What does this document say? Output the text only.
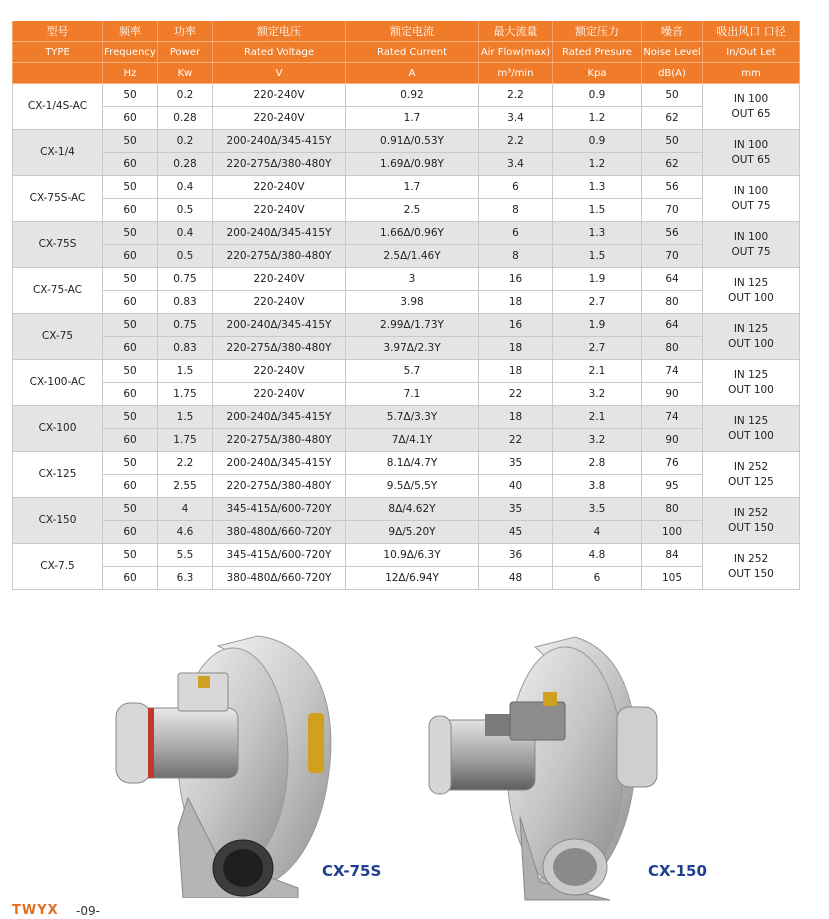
型号	频率	功率	额定电压	额定电流	最大流量	额定压力	噪音	吸出风口 口径
TYPE	Frequency	Power	Rated Voltage	Rated Current	Air Flow(max)	Rated Presure	Noise Level	In/Out Let
	Hz	Kw	V	A	m³/min	Kpa	dB(A)	mm
CX-1/4S-AC	50	0.2	220-240V	0.92	2.2	0.9	50	IN 100
OUT 65
	60	0.28	220-240V	1.7	3.4	1.2	62	
CX-1/4	50	0.2	200-240Δ/345-415Y	0.91Δ/0.53Y	2.2	0.9	50	IN 100
OUT 65
	60	0.28	220-275Δ/380-480Y	1.69Δ/0.98Y	3.4	1.2	62	
CX-75S-AC	50	0.4	220-240V	1.7	6	1.3	56	IN 100
OUT 75
	60	0.5	220-240V	2.5	8	1.5	70	
CX-75S	50	0.4	200-240Δ/345-415Y	1.66Δ/0.96Y	6	1.3	56	IN 100
OUT 75
	60	0.5	220-275Δ/380-480Y	2.5Δ/1.46Y	8	1.5	70	
CX-75-AC	50	0.75	220-240V	3	16	1.9	64	IN 125
OUT 100
	60	0.83	220-240V	3.98	18	2.7	80	
CX-75	50	0.75	200-240Δ/345-415Y	2.99Δ/1.73Y	16	1.9	64	IN 125
OUT 100
	60	0.83	220-275Δ/380-480Y	3.97Δ/2.3Y	18	2.7	80	
CX-100-AC	50	1.5	220-240V	5.7	18	2.1	74	IN 125
OUT 100
	60	1.75	220-240V	7.1	22	3.2	90	
CX-100	50	1.5	200-240Δ/345-415Y	5.7Δ/3.3Y	18	2.1	74	IN 125
OUT 100
	60	1.75	220-275Δ/380-480Y	7Δ/4.1Y	22	3.2	90	
CX-125	50	2.2	200-240Δ/345-415Y	8.1Δ/4.7Y	35	2.8	76	IN 252
OUT 125
	60	2.55	220-275Δ/380-480Y	9.5Δ/5.5Y	40	3.8	95	
CX-150	50	4	345-415Δ/600-720Y	8Δ/4.62Y	35	3.5	80	IN 252
OUT 150
	60	4.6	380-480Δ/660-720Y	9Δ/5.20Y	45	4	100	
CX-7.5	50	5.5	345-415Δ/600-720Y	10.9Δ/6.3Y	36	4.8	84	IN 252
OUT 150
	60	6.3	380-480Δ/660-720Y	12Δ/6.94Y	48	6	105	
CX-75S	CX-150
TWYX -09-
